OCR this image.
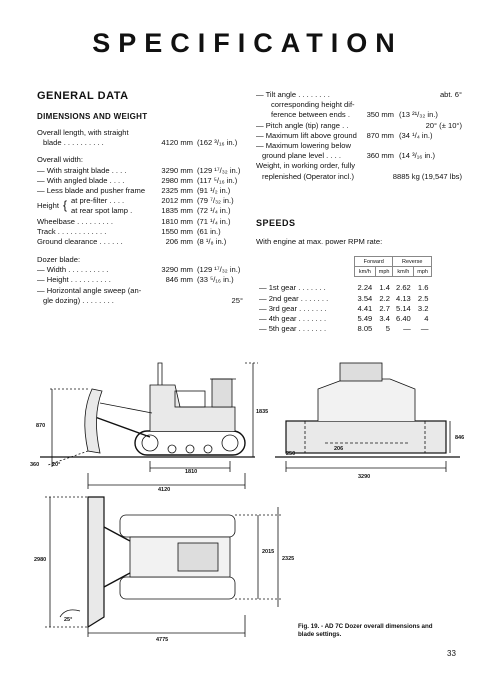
SPECIFICATION
GENERAL DATA
DIMENSIONS AND WEIGHT
Overall length, with straight
blade . . . . . . . . . .	4120 mm (162 ³/₁₆ in.)
Overall width:
— With straight blade . . . .	3290 mm (129 ¹⁷/₃₂ in.)
— With angled blade . . . .	2980 mm (117 ⁵/₁₆ in.)
— Less blade and pusher frame	2325 mm (91 ¹/₂ in.)
Height { at pre-filter . . . .	2012 mm (79 ⁷/₃₂ in.)
at rear spot lamp .	1835 mm (72 ¹/₄ in.)
Wheelbase . . . . . . . . .	1810 mm (71 ¹/₄ in.)
Track . . . . . . . . . . . .	1550 mm (61 in.)
Ground clearance . . . . . .	206 mm (8 ¹/₈ in.)
Dozer blade:
— Width . . . . . . . . . .	3290 mm (129 ¹⁷/₃₂ in.)
— Height . . . . . . . . . .	846 mm (33 ⁵/₁₆ in.)
— Horizontal angle sweep (an-
gle dozing) . . . . . . . .	25°
— Tilt angle . . . . . . . .	abt. 6°
corresponding height dif-
ference between ends .	350 mm (13 ²¹/₃₂ in.)
— Pitch angle (tip) range . .	20° (± 10°)
— Maximum lift above ground	870 mm (34 ¹/₄ in.)
— Maximum lowering below
ground plane level . . . .	360 mm (14 ³/₁₆ in.)
Weight, in working order, fully
replenished (Operator incl.)	8885 kg (19,547 lbs)
SPEEDS
With engine at max. power RPM rate:
	Forward		Reverse	
	km/h	mph	km/h	mph

— 1st gear . . . . . . .	2.24	1.4	2.62	1.6
— 2nd gear . . . . . . .	3.54	2.2	4.13	2.5
— 3rd gear . . . . . . .	4.41	2.7	5.14	3.2
— 4th gear . . . . . . .	5.49	3.4	6.40	4
— 5th gear . . . . . . .	8.05	5	—	—
870
360 20°
1835
1810
4120
250
206
846
3290
2980
2015
2325
25°
4775
Fig. 19. - AD 7C Dozer overall dimensions and
blade settings.
33
